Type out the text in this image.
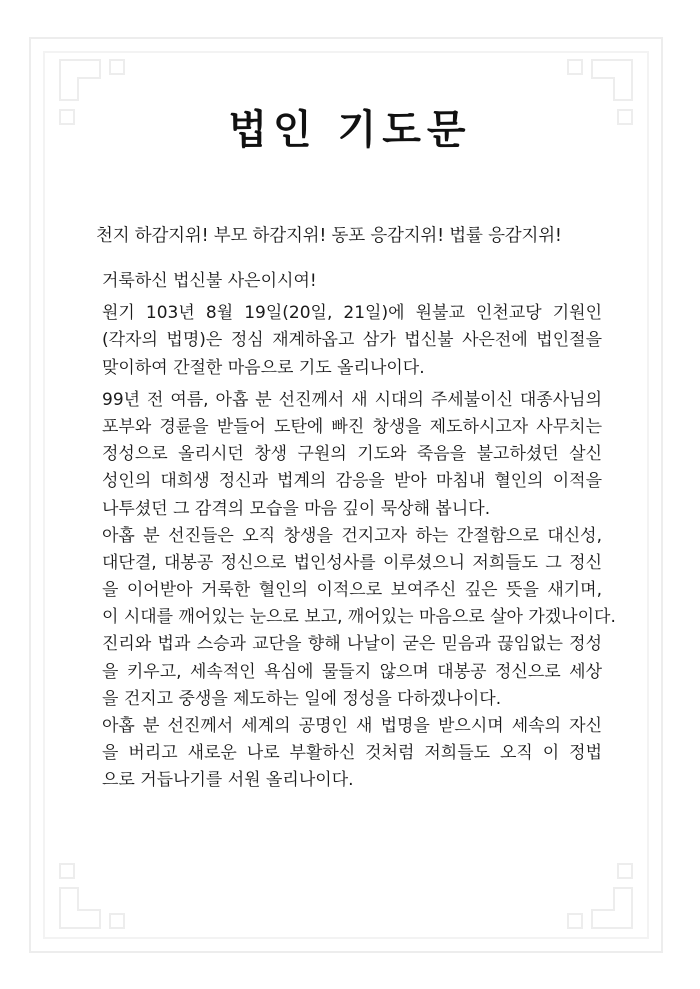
법인 기도문
천지 하감지위! 부모 하감지위! 동포 응감지위! 법률 응감지위!
거룩하신 법신불 사은이시여!
원기 103년 8월 19일(20일, 21일)에 원불교 인천교당 기원인
(각자의 법명)은 정심 재계하옵고 삼가 법신불 사은전에 법인절을
맞이하여 간절한 마음으로 기도 올리나이다.
99년 전 여름, 아홉 분 선진께서 새 시대의 주세불이신 대종사님의
포부와 경륜을 받들어 도탄에 빠진 창생을 제도하시고자 사무치는
정성으로 올리시던 창생 구원의 기도와 죽음을 불고하셨던 살신
성인의 대희생 정신과 법계의 감응을 받아 마침내 혈인의 이적을
나투셨던 그 감격의 모습을 마음 깊이 묵상해 봅니다.
아홉 분 선진들은 오직 창생을 건지고자 하는 간절함으로 대신성,
대단결, 대봉공 정신으로 법인성사를 이루셨으니 저희들도 그 정신
을 이어받아 거룩한 혈인의 이적으로 보여주신 깊은 뜻을 새기며,
이 시대를 깨어있는 눈으로 보고, 깨어있는 마음으로 살아 가겠나이다.
진리와 법과 스승과 교단을 향해 나날이 굳은 믿음과 끊임없는 정성
을 키우고, 세속적인 욕심에 물들지 않으며 대봉공 정신으로 세상
을 건지고 중생을 제도하는 일에 정성을 다하겠나이다.
아홉 분 선진께서 세계의 공명인 새 법명을 받으시며 세속의 자신
을 버리고 새로운 나로 부활하신 것처럼 저희들도 오직 이 정법
으로 거듭나기를 서원 올리나이다.
